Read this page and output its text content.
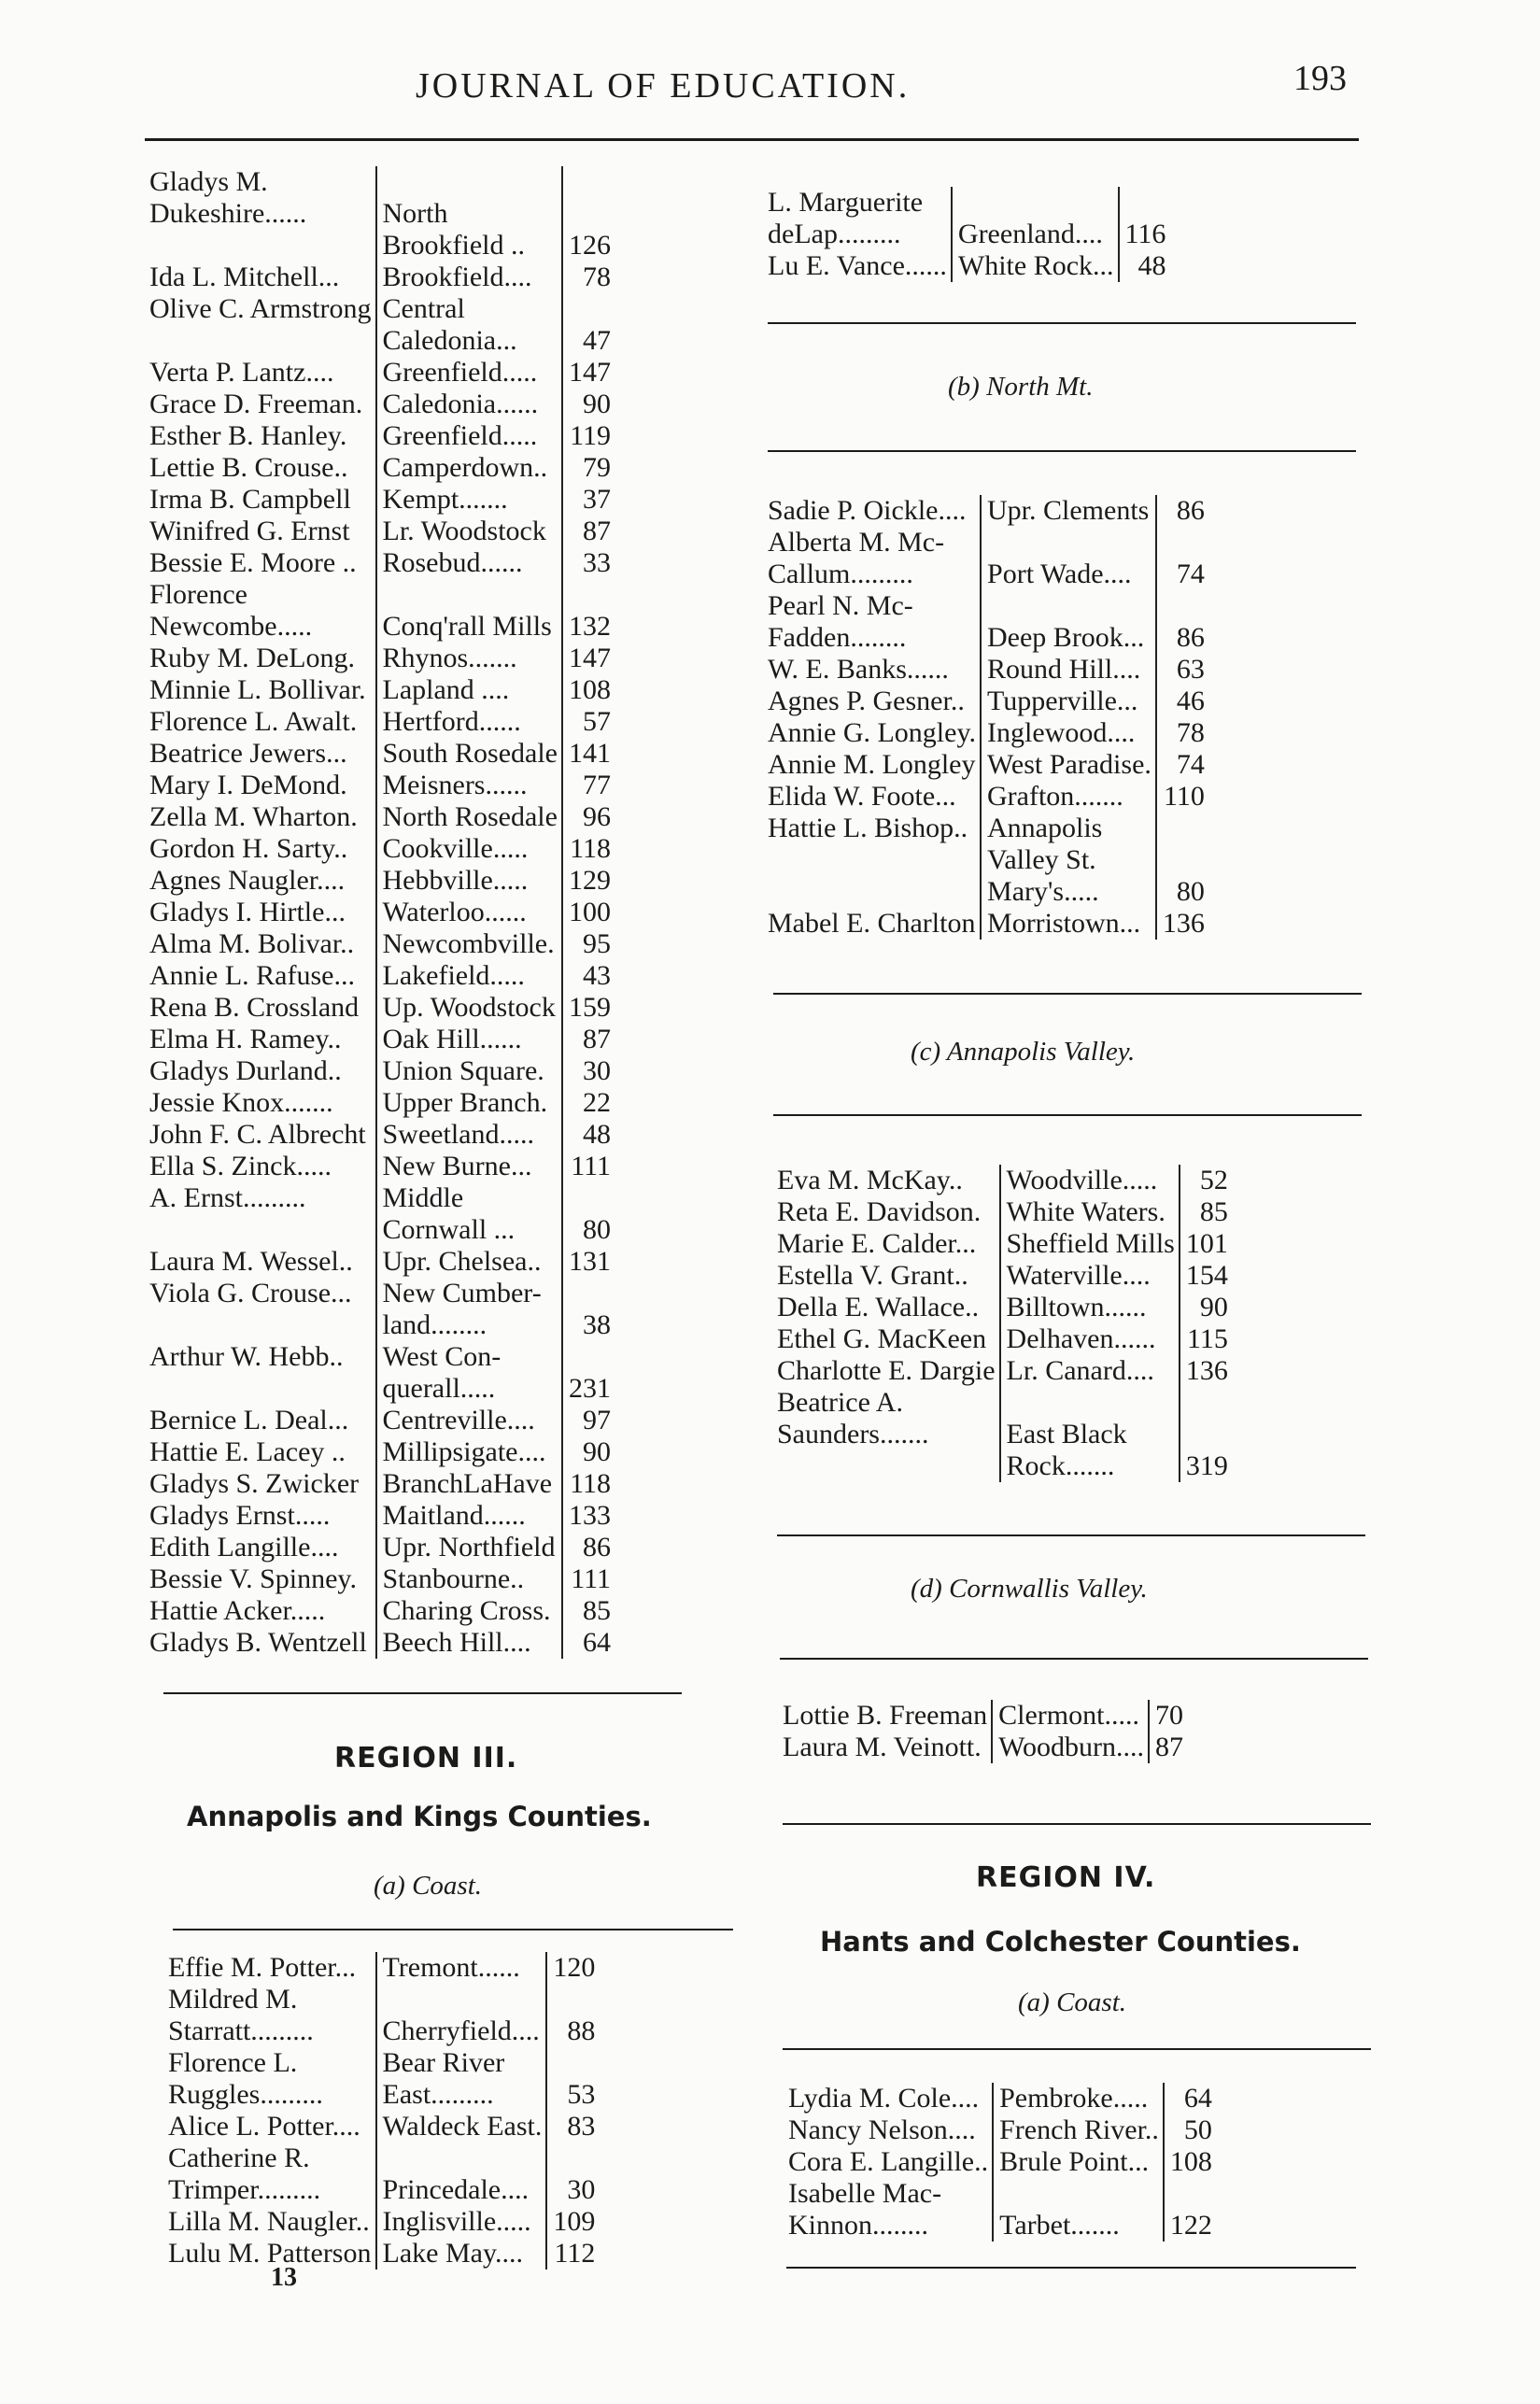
JOURNAL OF EDUCATION.	193
Gladys M.		
Dukeshire......	North	
	Brookfield ..	126
Ida L. Mitchell...	Brookfield....	78
Olive C. Armstrong	Central	
	Caledonia...	47
Verta P. Lantz....	Greenfield.....	147
Grace D. Freeman.	Caledonia......	90
Esther B. Hanley.	Greenfield.....	119
Lettie B. Crouse..	Camperdown..	79
Irma B. Campbell	Kempt.......	37
Winifred G. Ernst	Lr. Woodstock	87
Bessie E. Moore ..	Rosebud......	33
Florence		
Newcombe.....	Conq'rall Mills	132
Ruby M. DeLong.	Rhynos.......	147
Minnie L. Bollivar.	Lapland ....	108
Florence L. Awalt.	Hertford......	57
Beatrice Jewers...	South Rosedale	141
Mary I. DeMond.	Meisners......	77
Zella M. Wharton.	North Rosedale	96
Gordon H. Sarty..	Cookville.....	118
Agnes Naugler....	Hebbville.....	129
Gladys I. Hirtle...	Waterloo......	100
Alma M. Bolivar..	Newcombville.	95
Annie L. Rafuse...	Lakefield.....	43
Rena B. Crossland	Up. Woodstock	159
Elma H. Ramey..	Oak Hill......	87
Gladys Durland..	Union Square.	30
Jessie Knox.......	Upper Branch.	22
John F. C. Albrecht	Sweetland.....	48
Ella S. Zinck.....	New Burne...	111
A. Ernst.........	Middle	
	Cornwall ...	80
Laura M. Wessel..	Upr. Chelsea..	131
Viola G. Crouse...	New Cumber-	
	land........	38
Arthur W. Hebb..	West Con-	
	querall.....	231
Bernice L. Deal...	Centreville....	97
Hattie E. Lacey ..	Millipsigate....	90
Gladys S. Zwicker	BranchLaHave	118
Gladys Ernst.....	Maitland......	133
Edith Langille....	Upr. Northfield	86
Bessie V. Spinney.	Stanbourne..	111
Hattie Acker.....	Charing Cross.	85
Gladys B. Wentzell	Beech Hill....	64
REGION III.
Annapolis and Kings Counties.
(a) Coast.
Effie M. Potter...	Tremont......	120
Mildred M.		
Starratt.........	Cherryfield....	88
Florence L.	Bear River	
Ruggles.........	East.........	53
Alice L. Potter....	Waldeck East.	83
Catherine R.		
Trimper.........	Princedale....	30
Lilla M. Naugler..	Inglisville.....	109
Lulu M. Patterson	Lake May....	112
13
L. Marguerite		
deLap.........	Greenland....	116
Lu E. Vance......	White Rock...	48
(b) North Mt.
Sadie P. Oickle....	Upr. Clements	86
Alberta M. Mc-		
Callum.........	Port Wade....	74
Pearl N. Mc-		
Fadden........	Deep Brook...	86
W. E. Banks......	Round Hill....	63
Agnes P. Gesner..	Tupperville...	46
Annie G. Longley.	Inglewood....	78
Annie M. Longley	West Paradise.	74
Elida W. Foote...	Grafton.......	110
Hattie L. Bishop..	Annapolis	
	Valley St.	
	Mary's.....	80
Mabel E. Charlton	Morristown...	136
(c) Annapolis Valley.
Eva M. McKay..	Woodville.....	52
Reta E. Davidson.	White Waters.	85
Marie E. Calder...	Sheffield Mills	101
Estella V. Grant..	Waterville....	154
Della E. Wallace..	Billtown......	90
Ethel G. MacKeen	Delhaven......	115
Charlotte E. Dargie	Lr. Canard....	136
Beatrice A.		
Saunders.......	East Black	
	Rock.......	319
(d) Cornwallis Valley.
Lottie B. Freeman	Clermont.....	70
Laura M. Veinott.	Woodburn....	87
REGION IV.
Hants and Colchester Counties.
(a) Coast.
Lydia M. Cole....	Pembroke.....	64
Nancy Nelson....	French River..	50
Cora E. Langille..	Brule Point...	108
Isabelle Mac-		
Kinnon........	Tarbet.......	122
